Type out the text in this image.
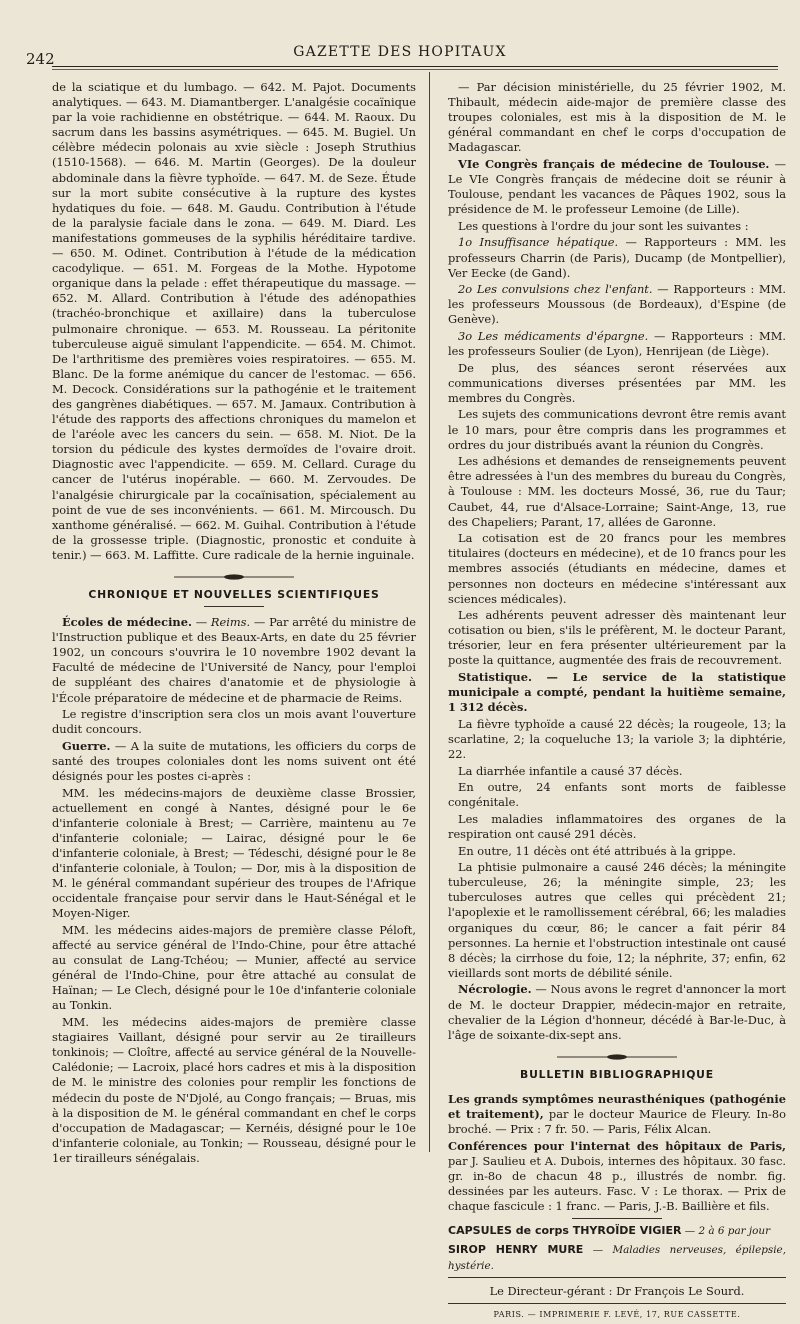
242	GAZETTE DES HOPITAUX

de la sciatique et du lumbago. — 642. M. Pajot. Documents analytiques. — 643. M. Diamantberger. L'analgésie cocaïnique par la voie rachidienne en obstétrique. — 644. M. Raoux. Du sacrum dans les bassins asymétriques. — 645. M. Bugiel. Un célèbre médecin polonais au xvie siècle : Joseph Struthius (1510-1568). — 646. M. Martin (Georges). De la douleur abdominale dans la fièvre typhoïde. — 647. M. de Seze. Étude sur la mort subite consécutive à la rupture des kystes hydatiques du foie. — 648. M. Gaudu. Contribution à l'étude de la paralysie faciale dans le zona. — 649. M. Diard. Les manifestations gommeuses de la syphilis héréditaire tardive. — 650. M. Odinet. Contribution à l'étude de la médication cacodylique. — 651. M. Forgeas de la Mothe. Hypotome organique dans la pelade : effet thérapeutique du massage. — 652. M. Allard. Contribution à l'étude des adénopathies (trachéo-bronchique et axillaire) dans la tuberculose pulmonaire chronique. — 653. M. Rousseau. La péritonite tuberculeuse aiguë simulant l'appendicite. — 654. M. Chimot. De l'arthritisme des premières voies respiratoires. — 655. M. Blanc. De la forme anémique du cancer de l'estomac. — 656. M. Decock. Considérations sur la pathogénie et le traitement des gangrènes diabétiques. — 657. M. Jamaux. Contribution à l'étude des rapports des affections chroniques du mamelon et de l'aréole avec les cancers du sein. — 658. M. Niot. De la torsion du pédicule des kystes dermoïdes de l'ovaire droit. Diagnostic avec l'appendicite. — 659. M. Cellard. Curage du cancer de l'utérus inopérable. — 660. M. Zervoudes. De l'analgésie chirurgicale par la cocaïnisation, spécialement au point de vue de ses inconvénients. — 661. M. Mircousch. Du xanthome généralisé. — 662. M. Guihal. Contribution à l'étude de la grossesse triple. (Diagnostic, pronostic et conduite à tenir.) — 663. M. Laffitte. Cure radicale de la hernie inguinale.

CHRONIQUE ET NOUVELLES SCIENTIFIQUES

Écoles de médecine. — Reims. — Par arrêté du ministre de l'Instruction publique et des Beaux-Arts, en date du 25 février 1902, un concours s'ouvrira le 10 novembre 1902 devant la Faculté de médecine de l'Université de Nancy, pour l'emploi de suppléant des chaires d'anatomie et de physiologie à l'École préparatoire de médecine et de pharmacie de Reims.

Le registre d'inscription sera clos un mois avant l'ouverture dudit concours.

Guerre. — A la suite de mutations, les officiers du corps de santé des troupes coloniales dont les noms suivent ont été désignés pour les postes ci-après :

MM. les médecins-majors de deuxième classe Brossier, actuellement en congé à Nantes, désigné pour le 6e d'infanterie coloniale à Brest; — Carrière, maintenu au 7e d'infanterie coloniale; — Lairac, désigné pour le 6e d'infanterie coloniale, à Brest; — Tédeschi, désigné pour le 8e d'infanterie coloniale, à Toulon; — Dor, mis à la disposition de M. le général commandant supérieur des troupes de l'Afrique occidentale française pour servir dans le Haut-Sénégal et le Moyen-Niger.

MM. les médecins aides-majors de première classe Péloft, affecté au service général de l'Indo-Chine, pour être attaché au consulat de Lang-Tchéou; — Munier, affecté au service général de l'Indo-Chine, pour être attaché au consulat de Haïnan; — Le Clech, désigné pour le 10e d'infanterie coloniale au Tonkin.

MM. les médecins aides-majors de première classe stagiaires Vaillant, désigné pour servir au 2e tirailleurs tonkinois; — Cloître, affecté au service général de la Nouvelle-Calédonie; — Lacroix, placé hors cadres et mis à la disposition de M. le ministre des colonies pour remplir les fonctions de médecin du poste de N'Djolé, au Congo français; — Bruas, mis à la disposition de M. le général commandant en chef le corps d'occupation de Madagascar; — Kernéis, désigné pour le 10e d'infanterie coloniale, au Tonkin; — Rousseau, désigné pour le 1er tirailleurs sénégalais.

— Par décision ministérielle, du 25 février 1902, M. Thibault, médecin aide-major de première classe des troupes coloniales, est mis à la disposition de M. le général commandant en chef le corps d'occupation de Madagascar.

VIe Congrès français de médecine de Toulouse. — Le VIe Congrès français de médecine doit se réunir à Toulouse, pendant les vacances de Pâques 1902, sous la présidence de M. le professeur Lemoine (de Lille).

Les questions à l'ordre du jour sont les suivantes :

1o Insuffisance hépatique. — Rapporteurs : MM. les professeurs Charrin (de Paris), Ducamp (de Montpellier), Ver Eecke (de Gand).

2o Les convulsions chez l'enfant. — Rapporteurs : MM. les professeurs Moussous (de Bordeaux), d'Espine (de Genève).

3o Les médicaments d'épargne. — Rapporteurs : MM. les professeurs Soulier (de Lyon), Henrijean (de Liège).

De plus, des séances seront réservées aux communications diverses présentées par MM. les membres du Congrès.

Les sujets des communications devront être remis avant le 10 mars, pour être compris dans les programmes et ordres du jour distribués avant la réunion du Congrès.

Les adhésions et demandes de renseignements peuvent être adressées à l'un des membres du bureau du Congrès, à Toulouse : MM. les docteurs Mossé, 36, rue du Taur; Caubet, 44, rue d'Alsace-Lorraine; Saint-Ange, 13, rue des Chapeliers; Parant, 17, allées de Garonne.

La cotisation est de 20 francs pour les membres titulaires (docteurs en médecine), et de 10 francs pour les membres associés (étudiants en médecine, dames et personnes non docteurs en médecine s'intéressant aux sciences médicales).

Les adhérents peuvent adresser dès maintenant leur cotisation ou bien, s'ils le préfèrent, M. le docteur Parant, trésorier, leur en fera présenter ultérieurement par la poste la quittance, augmentée des frais de recouvrement.

Statistique. — Le service de la statistique municipale a compté, pendant la huitième semaine, 1 312 décès.

La fièvre typhoïde a causé 22 décès; la rougeole, 13; la scarlatine, 2; la coqueluche 13; la variole 3; la diphtérie, 22.

La diarrhée infantile a causé 37 décès.

En outre, 24 enfants sont morts de faiblesse congénitale.

Les maladies inflammatoires des organes de la respiration ont causé 291 décès.

En outre, 11 décès ont été attribués à la grippe.

La phtisie pulmonaire a causé 246 décès; la méningite tuberculeuse, 26; la méningite simple, 23; les tuberculoses autres que celles qui précèdent 21; l'apoplexie et le ramollissement cérébral, 66; les maladies organiques du cœur, 86; le cancer a fait périr 84 personnes. La hernie et l'obstruction intestinale ont causé 8 décès; la cirrhose du foie, 12; la néphrite, 37; enfin, 62 vieillards sont morts de débilité sénile.

Nécrologie. — Nous avons le regret d'annoncer la mort de M. le docteur Drappier, médecin-major en retraite, chevalier de la Légion d'honneur, décédé à Bar-le-Duc, à l'âge de soixante-dix-sept ans.

BULLETIN BIBLIOGRAPHIQUE

Les grands symptômes neurasthéniques (pathogénie et traitement), par le docteur Maurice de Fleury. In-8o broché. — Prix : 7 fr. 50. — Paris, Félix Alcan.

Conférences pour l'internat des hôpitaux de Paris, par J. Saulieu et A. Dubois, internes des hôpitaux. 30 fasc. gr. in-8o de chacun 48 p., illustrés de nombr. fig. dessinées par les auteurs. Fasc. V : Le thorax. — Prix de chaque fascicule : 1 franc. — Paris, J.-B. Baillière et fils.

CAPSULES de corps THYROÏDE VIGIER — 2 à 6 par jour

SIROP HENRY MURE — Maladies nerveuses, épilepsie, hystérie.

Le Directeur-gérant : Dr François Le Sourd.

PARIS. — IMPRIMERIE F. LEVÉ, 17, RUE CASSETTE.
